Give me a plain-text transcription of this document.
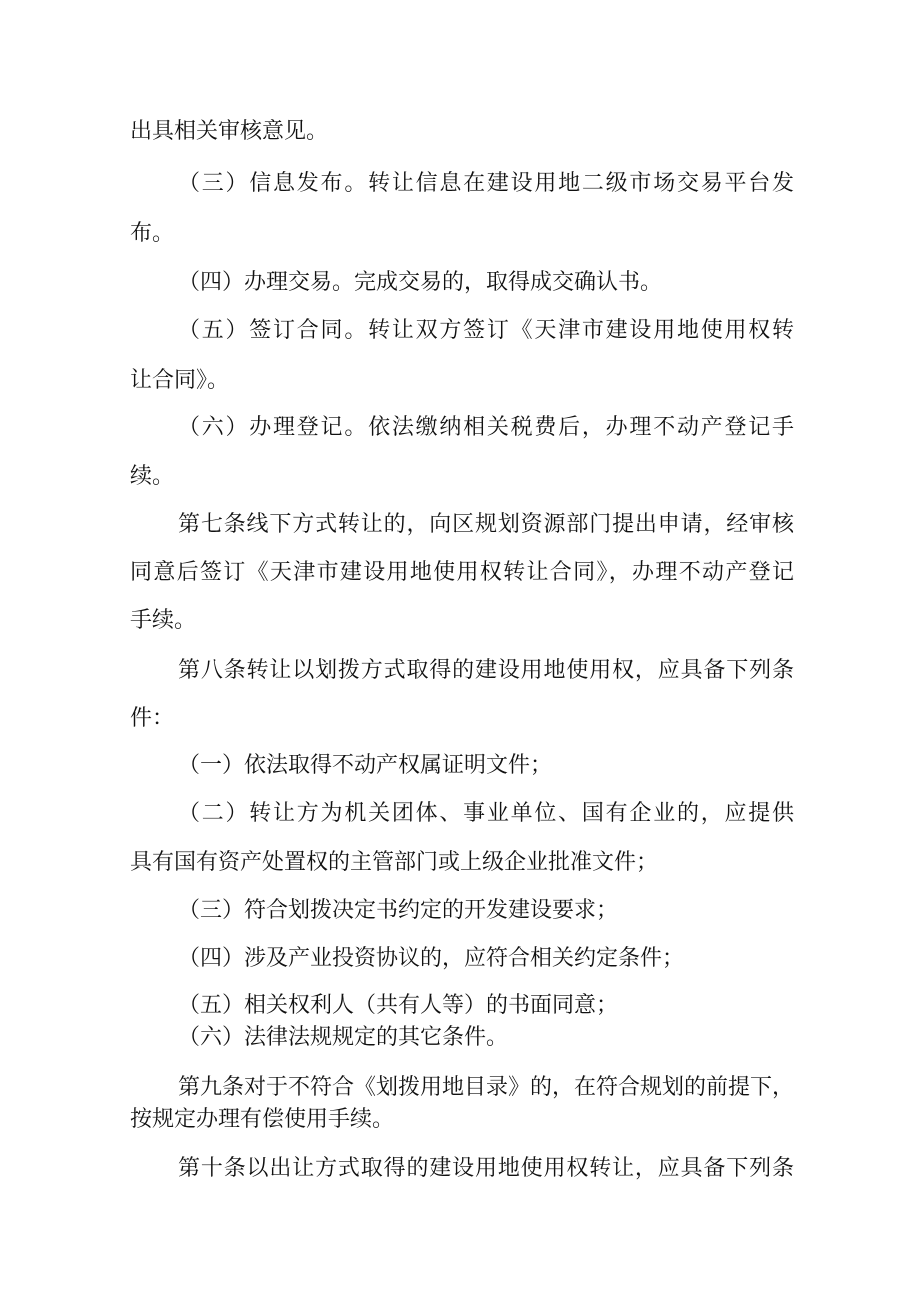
出具相关审核意见。
（三）信息发布。转让信息在建设用地二级市场交易平台发
布。
（四）办理交易。完成交易的，取得成交确认书。
（五）签订合同。转让双方签订《天津市建设用地使用权转
让合同》。
（六）办理登记。依法缴纳相关税费后，办理不动产登记手
续。
第七条线下方式转让的，向区规划资源部门提出申请，经审核
同意后签订《天津市建设用地使用权转让合同》，办理不动产登记
手续。
第八条转让以划拨方式取得的建设用地使用权，应具备下列条
件：
（一）依法取得不动产权属证明文件；
（二）转让方为机关团体、事业单位、国有企业的，应提供
具有国有资产处置权的主管部门或上级企业批准文件；
（三）符合划拨决定书约定的开发建设要求；
（四）涉及产业投资协议的，应符合相关约定条件；
（五）相关权利人（共有人等）的书面同意；
（六）法律法规规定的其它条件。
第九条对于不符合《划拨用地目录》的，在符合规划的前提下，
按规定办理有偿使用手续。
第十条以出让方式取得的建设用地使用权转让，应具备下列条
